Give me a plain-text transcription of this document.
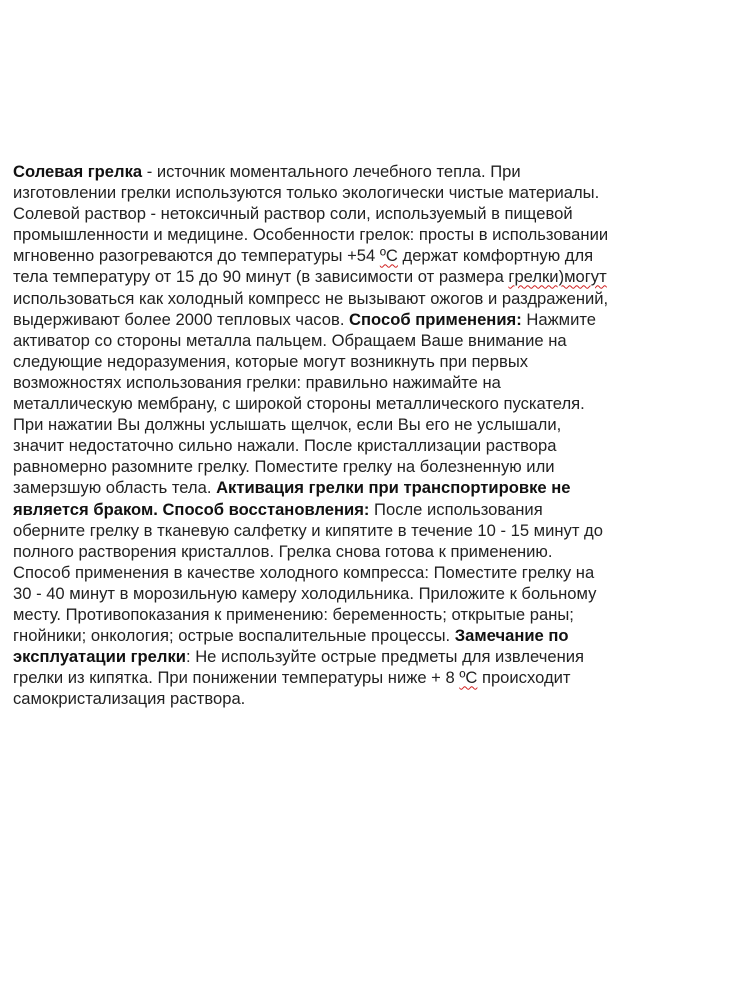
Солевая грелка - источник моментального лечебного тепла. При
изготовлении грелки используются только экологически чистые материалы.
Солевой раствор - нетоксичный раствор соли, используемый в пищевой
промышленности и медицине. Особенности грелок: просты в использовании
мгновенно разогреваются до температуры +54 ºC держат комфортную для
тела температуру от 15 до 90 минут (в зависимости от размера грелки)могут
использоваться как холодный компресс не вызывают ожогов и раздражений,
выдерживают более 2000 тепловых часов. Способ применения: Нажмите
активатор со стороны металла пальцем. Обращаем Ваше внимание на
следующие недоразумения, которые могут возникнуть при первых
возможностях использования грелки: правильно нажимайте на
металлическую мембрану, с широкой стороны металлического пускателя.
При нажатии Вы должны услышать щелчок, если Вы его не услышали,
значит недостаточно сильно нажали. После кристаллизации раствора
равномерно разомните грелку. Поместите грелку на болезненную или
замерзшую область тела. Активация грелки при транспортировке не
является браком. Способ восстановления: После использования
оберните грелку в тканевую салфетку и кипятите в течение 10 - 15 минут до
полного растворения кристаллов. Грелка снова готова к применению.
Способ применения в качестве холодного компресса: Поместите грелку на
30 - 40 минут в морозильную камеру холодильника. Приложите к больному
месту. Противопоказания к применению: беременность; открытые раны;
гнойники; онкология; острые воспалительные процессы. Замечание по
эксплуатации грелки: Не используйте острые предметы для извлечения
грелки из кипятка. При понижении температуры ниже + 8 ºC происходит
самокристализация раствора.
